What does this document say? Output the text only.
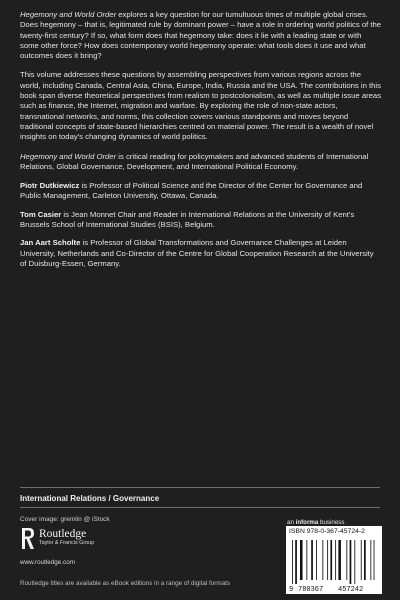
Hegemony and World Order explores a key question for our tumultuous times of multiple global crises. Does hegemony – that is, legitimated rule by dominant power – have a role in ordering world politics of the twenty-first century? If so, what form does that hegemony take: does it lie with a leading state or with some other force? How does contemporary world hegemony operate: what tools does it use and what outcomes does it bring?

This volume addresses these questions by assembling perspectives from various regions across the world, including Canada, Central Asia, China, Europe, India, Russia and the USA. The contributions in this book span diverse theoretical perspectives from realism to postcolonialism, as well as multiple issue areas such as finance, the Internet, migration and warfare. By exploring the role of non-state actors, transnational networks, and norms, this collection covers various standpoints and moves beyond traditional concepts of state-based hierarchies centred on material power. The result is a wealth of novel insights on today's changing dynamics of world politics.

Hegemony and World Order is critical reading for policymakers and advanced students of International Relations, Global Governance, Development, and International Political Economy.

Piotr Dutkiewicz is Professor of Political Science and the Director of the Center for Governance and Public Management, Carleton University, Ottawa, Canada.

Tom Casier is Jean Monnet Chair and Reader in International Relations at the University of Kent's Brussels School of International Studies (BSIS), Belgium.

Jan Aart Scholte is Professor of Global Transformations and Governance Challenges at Leiden University, Netherlands and Co-Director of the Centre for Global Cooperation Research at the University of Duisburg-Essen, Germany.

International Relations / Governance
Cover image: gremlin @ iStock
Routledge
Taylor & Francis Group
www.routledge.com
an informa business
ISBN 978-0-367-45724-2
9 780367 457242
Routledge titles are available as eBook editions in a range of digital formats
